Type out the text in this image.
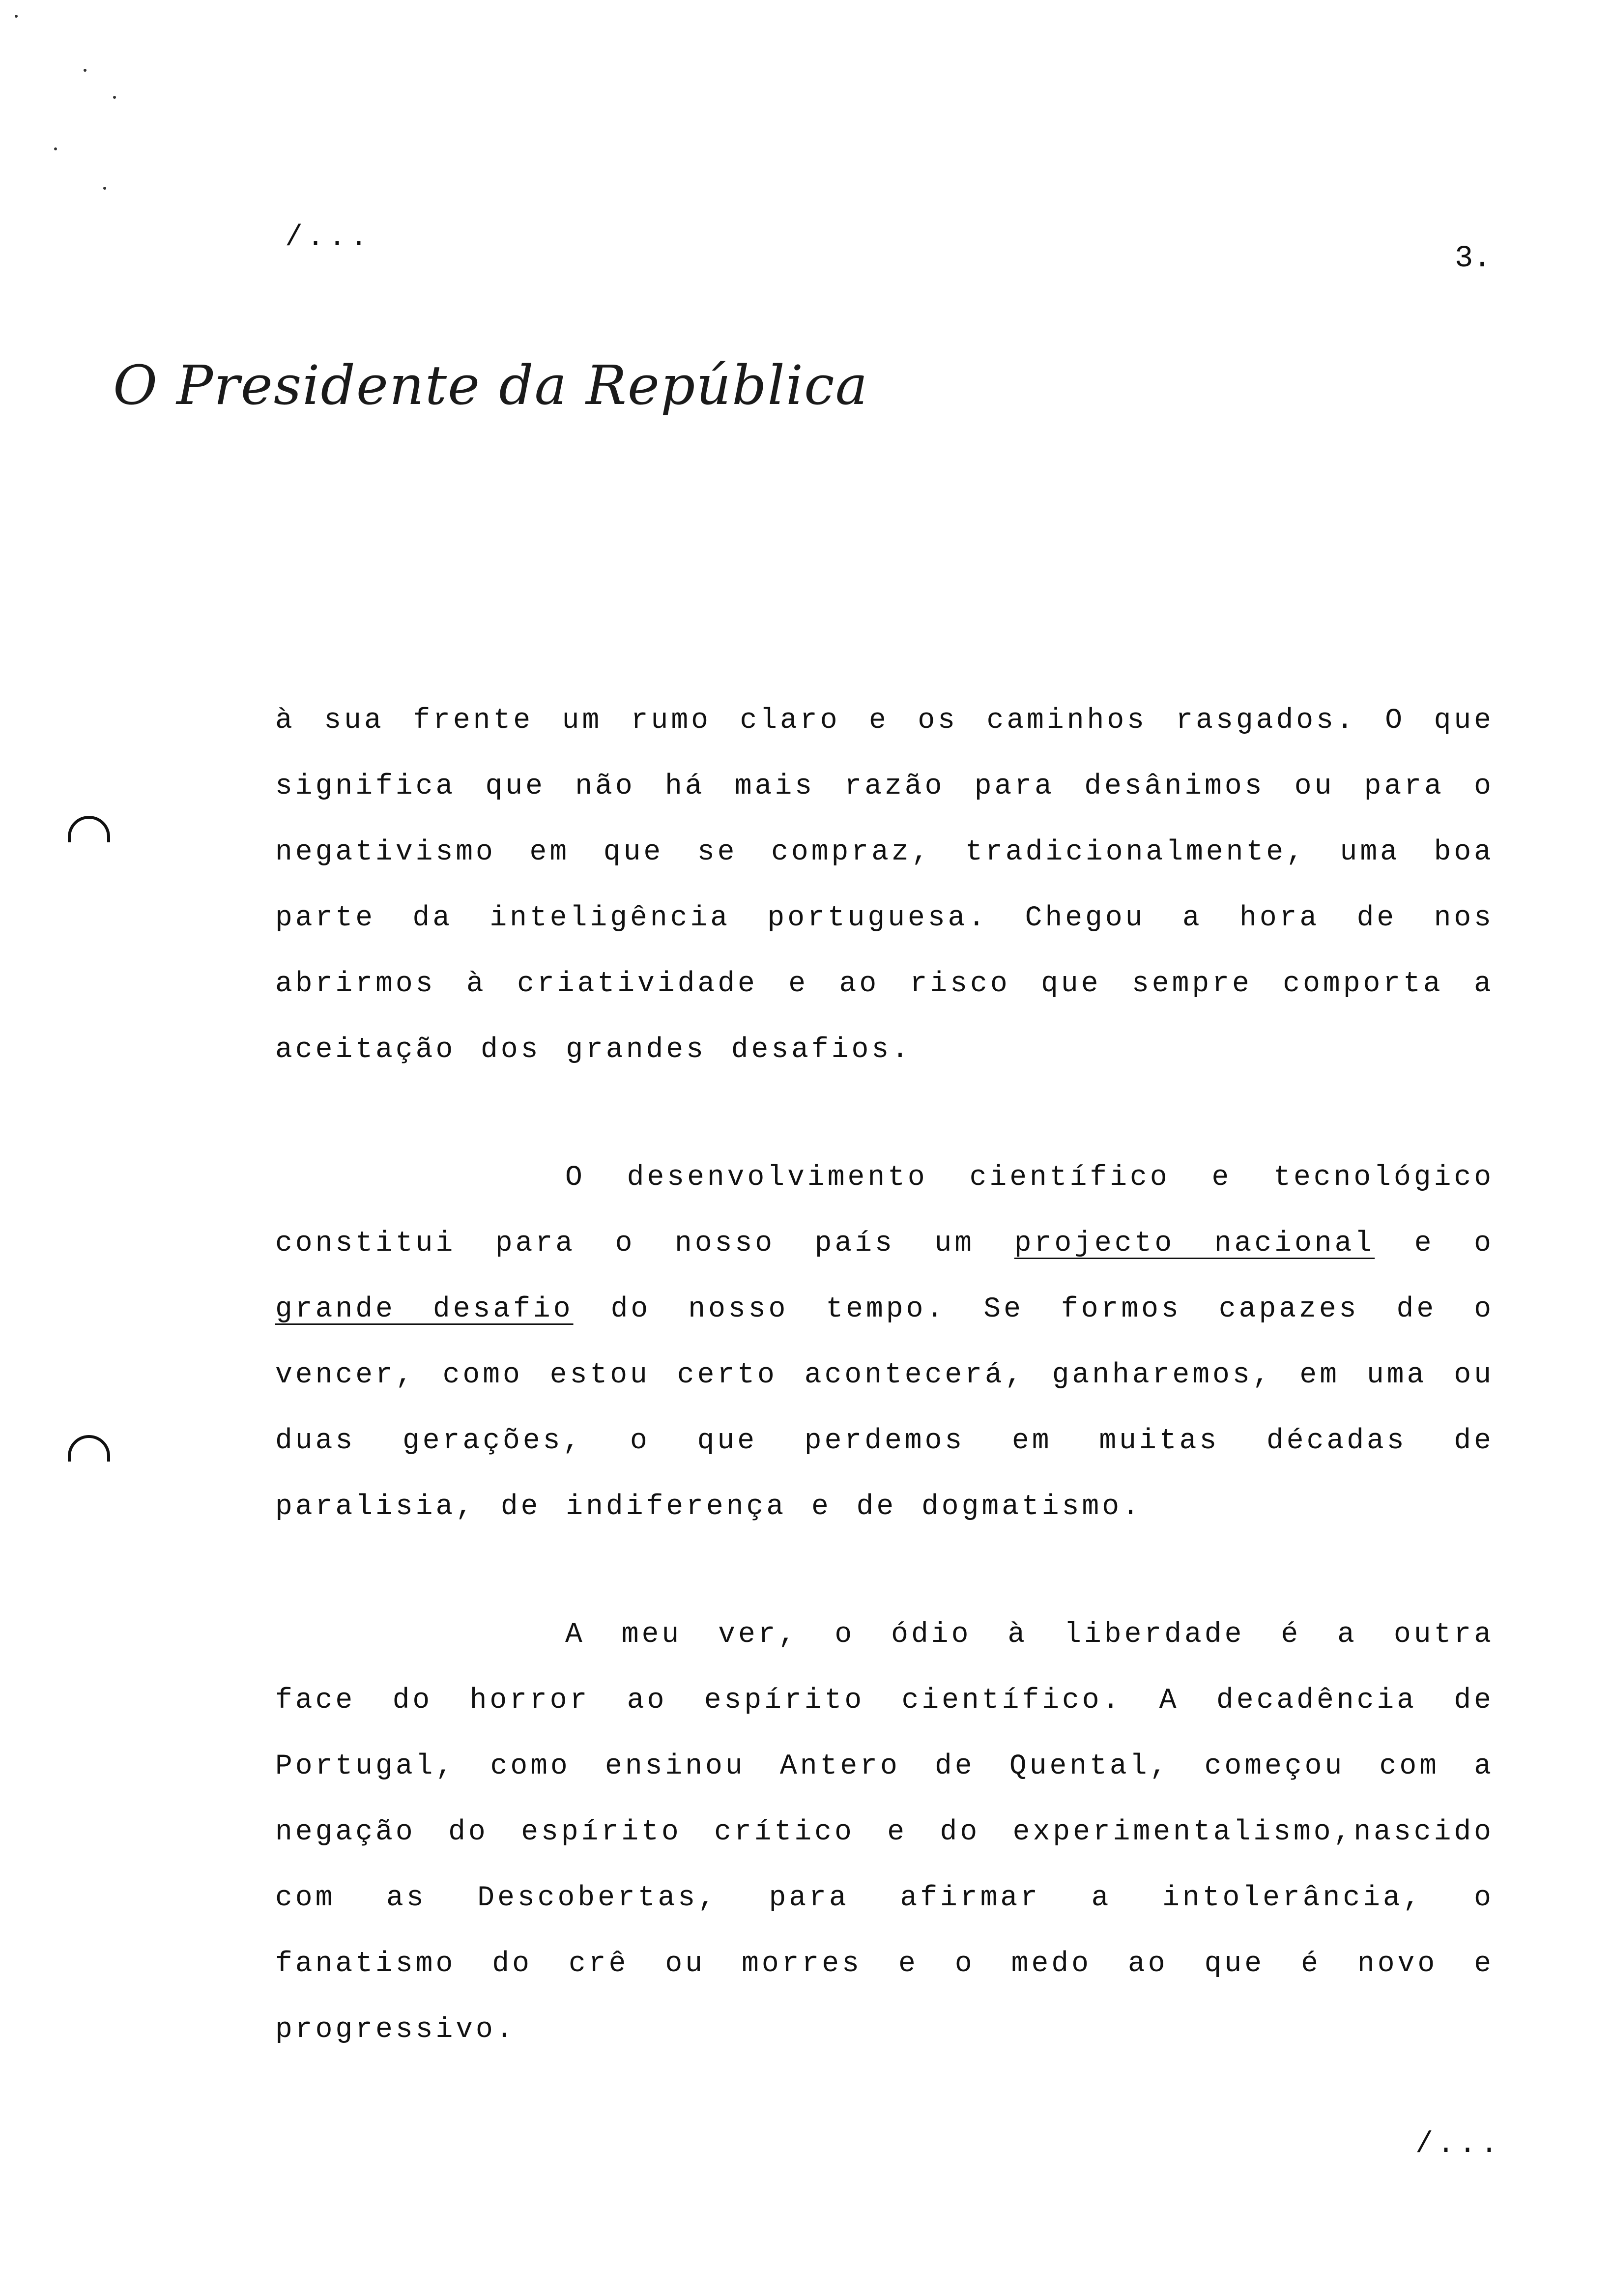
/...
3.
O Presidente da República

à sua frente um rumo claro e os caminhos rasgados. O que significa que não há mais razão para desânimos ou para o negativismo em que se compraz, tradicionalmente, uma boa parte da inteligência portuguesa. Chegou a hora de nos abrirmos à criatividade e ao risco que sempre comporta a aceitação dos grandes desafios.

O desenvolvimento científico e tecnológico constitui para o nosso país um projecto nacional e o grande desafio do nosso tempo. Se formos capazes de o vencer, como estou certo acontecerá, ganharemos, em uma ou duas gerações, o que perdemos em muitas décadas de paralisia, de indiferença e de dogmatismo.

A meu ver, o ódio à liberdade é a outra face do horror ao espírito científico. A decadência de Portugal, como ensinou Antero de Quental, começou com a negação do espírito crítico e do experimentalismo,nascido com as Descobertas, para afirmar a intolerância, o fanatismo do crê ou morres e o medo ao que é novo e progressivo.

/...
